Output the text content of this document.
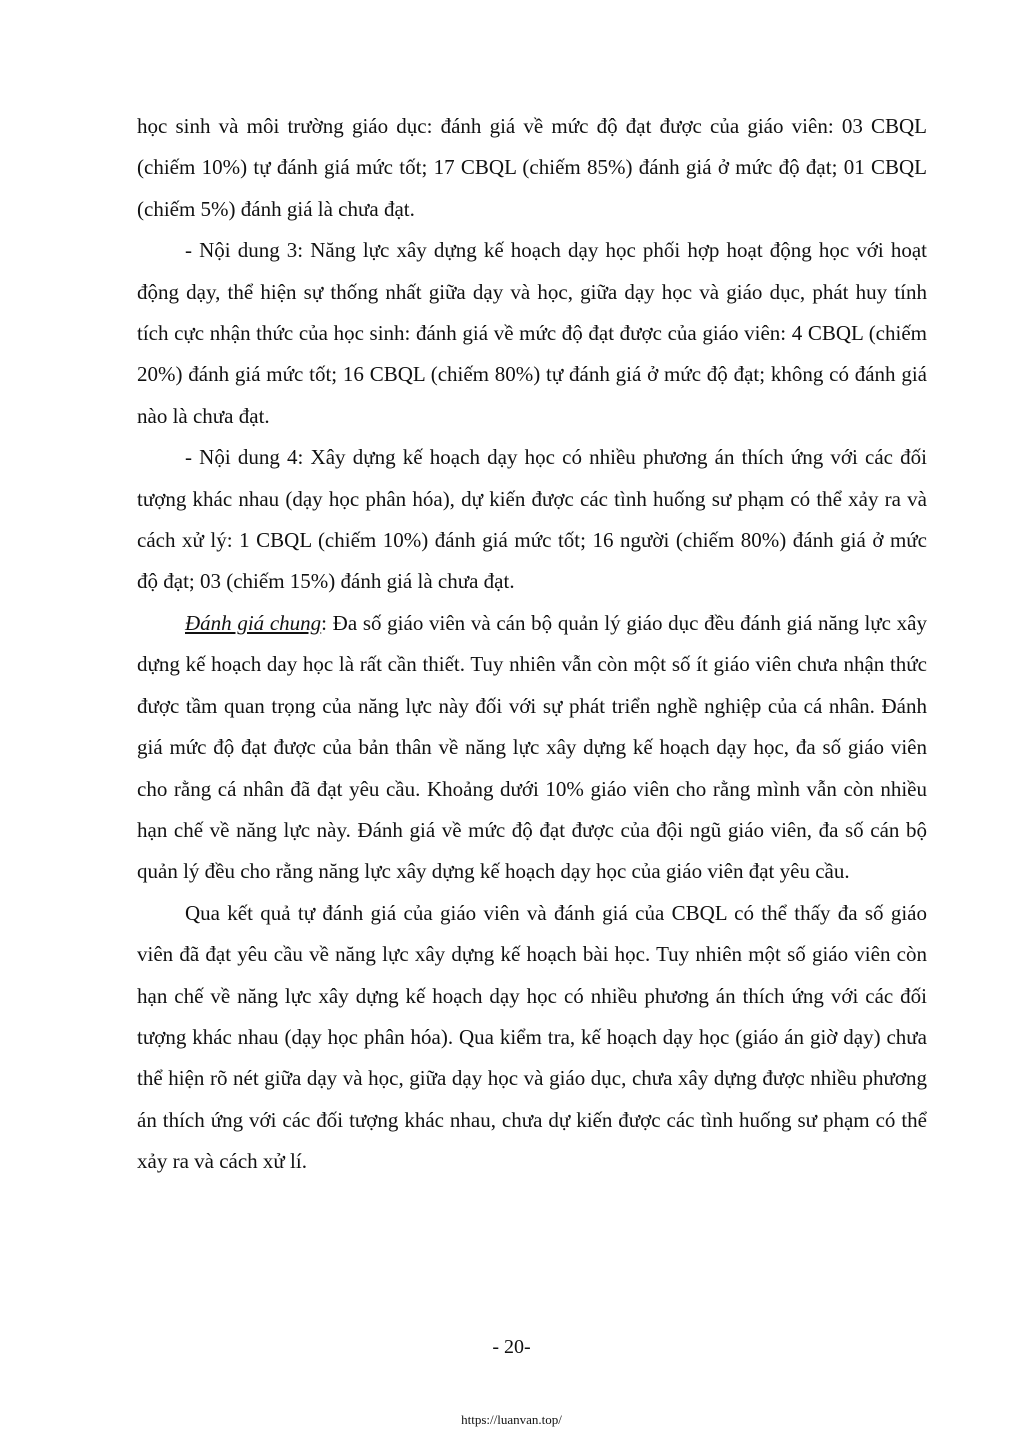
học sinh và môi trường giáo dục: đánh giá về mức độ đạt được của giáo viên: 03 CBQL (chiếm 10%) tự đánh giá mức tốt; 17 CBQL (chiếm 85%) đánh giá ở mức độ đạt; 01 CBQL (chiếm 5%) đánh giá là chưa đạt.

- Nội dung 3: Năng lực xây dựng kế hoạch dạy học phối hợp hoạt động học với hoạt động dạy, thể hiện sự thống nhất giữa dạy và học, giữa dạy học và giáo dục, phát huy tính tích cực nhận thức của học sinh: đánh giá về mức độ đạt được của giáo viên: 4 CBQL (chiếm 20%) đánh giá mức tốt; 16 CBQL (chiếm 80%) tự đánh giá ở mức độ đạt; không có đánh giá nào là chưa đạt.

- Nội dung 4: Xây dựng kế hoạch dạy học có nhiều phương án thích ứng với các đối tượng khác nhau (dạy học phân hóa), dự kiến được các tình huống sư phạm có thể xảy ra và cách xử lý: 1 CBQL (chiếm 10%) đánh giá mức tốt; 16 người (chiếm 80%) đánh giá ở mức độ đạt; 03 (chiếm 15%) đánh giá là chưa đạt.

Đánh giá chung: Đa số giáo viên và cán bộ quản lý giáo dục đều đánh giá năng lực xây dựng kế hoạch day học là rất cần thiết. Tuy nhiên vẫn còn một số ít giáo viên chưa nhận thức được tầm quan trọng của năng lực này đối với sự phát triển nghề nghiệp của cá nhân. Đánh giá mức độ đạt được của bản thân về năng lực xây dựng kế hoạch dạy học, đa số giáo viên cho rằng cá nhân đã đạt yêu cầu. Khoảng dưới 10% giáo viên cho rằng mình vẫn còn nhiều hạn chế về năng lực này. Đánh giá về mức độ đạt được của đội ngũ giáo viên, đa số cán bộ quản lý đều cho rằng năng lực xây dựng kế hoạch dạy học của giáo viên đạt yêu cầu.

Qua kết quả tự đánh giá của giáo viên và đánh giá của CBQL có thể thấy đa số giáo viên đã đạt yêu cầu về năng lực xây dựng kế hoạch bài học. Tuy nhiên một số giáo viên còn hạn chế về năng lực xây dựng kế hoạch dạy học có nhiều phương án thích ứng với các đối tượng khác nhau (dạy học phân hóa). Qua kiểm tra, kế hoạch dạy học (giáo án giờ dạy) chưa thể hiện rõ nét giữa dạy và học, giữa dạy học và giáo dục, chưa xây dựng được nhiều phương án thích ứng với các đối tượng khác nhau, chưa dự kiến được các tình huống sư phạm có thể xảy ra và cách xử lí.

- 20-
https://luanvan.top/
